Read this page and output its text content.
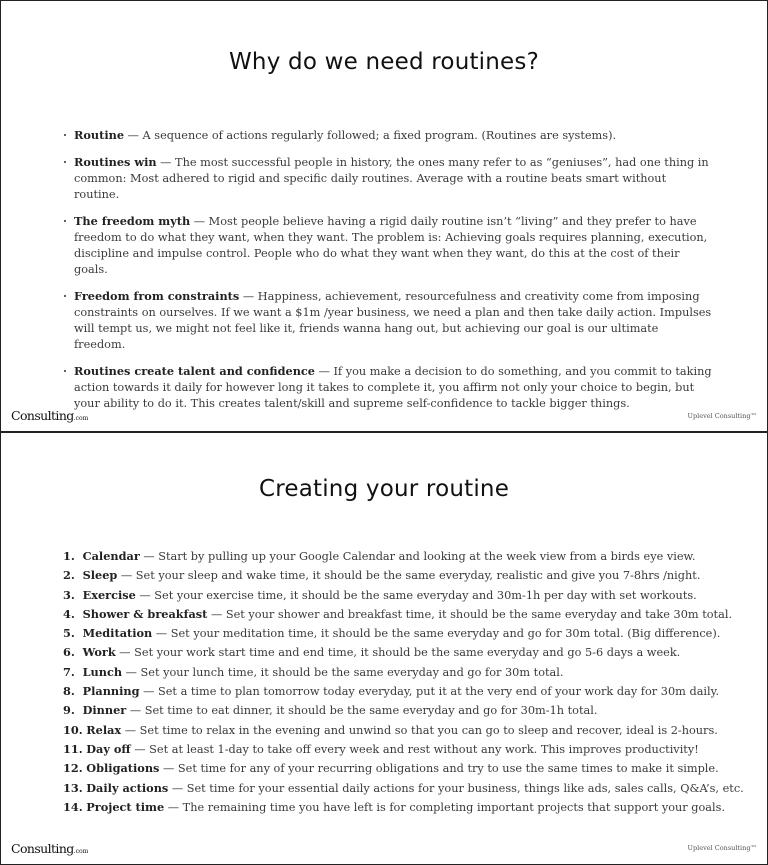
Why do we need routines?
· Routine — A sequence of actions regularly followed; a fixed program. (Routines are systems).
· Routines win — The most successful people in history, the ones many refer to as “geniuses”, had one thing in common: Most adhered to rigid and specific daily routines. Average with a routine beats smart without routine.
· The freedom myth — Most people believe having a rigid daily routine isn’t “living” and they prefer to have freedom to do what they want, when they want. The problem is: Achieving goals requires planning, execution, discipline and impulse control. People who do what they want when they want, do this at the cost of their goals.
· Freedom from constraints — Happiness, achievement, resourcefulness and creativity come from imposing constraints on ourselves. If we want a $1m /year business, we need a plan and then take daily action. Impulses will tempt us, we might not feel like it, friends wanna hang out, but achieving our goal is our ultimate freedom.
· Routines create talent and confidence — If you make a decision to do something, and you commit to taking action towards it daily for however long it takes to complete it, you affirm not only your choice to begin, but your ability to do it. This creates talent/skill and supreme self-confidence to tackle bigger things.
Consulting.com	Uplevel Consulting™
Creating your routine
1. Calendar — Start by pulling up your Google Calendar and looking at the week view from a birds eye view.
2. Sleep — Set your sleep and wake time, it should be the same everyday, realistic and give you 7-8hrs /night.
3. Exercise — Set your exercise time, it should be the same everyday and 30m-1h per day with set workouts.
4. Shower & breakfast — Set your shower and breakfast time, it should be the same everyday and take 30m total.
5. Meditation — Set your meditation time, it should be the same everyday and go for 30m total. (Big difference).
6. Work — Set your work start time and end time, it should be the same everyday and go 5-6 days a week.
7. Lunch — Set your lunch time, it should be the same everyday and go for 30m total.
8. Planning — Set a time to plan tomorrow today everyday, put it at the very end of your work day for 30m daily.
9. Dinner — Set time to eat dinner, it should be the same everyday and go for 30m-1h total.
10. Relax — Set time to relax in the evening and unwind so that you can go to sleep and recover, ideal is 2-hours.
11. Day off — Set at least 1-day to take off every week and rest without any work. This improves productivity!
12. Obligations — Set time for any of your recurring obligations and try to use the same times to make it simple.
13. Daily actions — Set time for your essential daily actions for your business, things like ads, sales calls, Q&A’s, etc.
14. Project time — The remaining time you have left is for completing important projects that support your goals.
Consulting.com	Uplevel Consulting™
